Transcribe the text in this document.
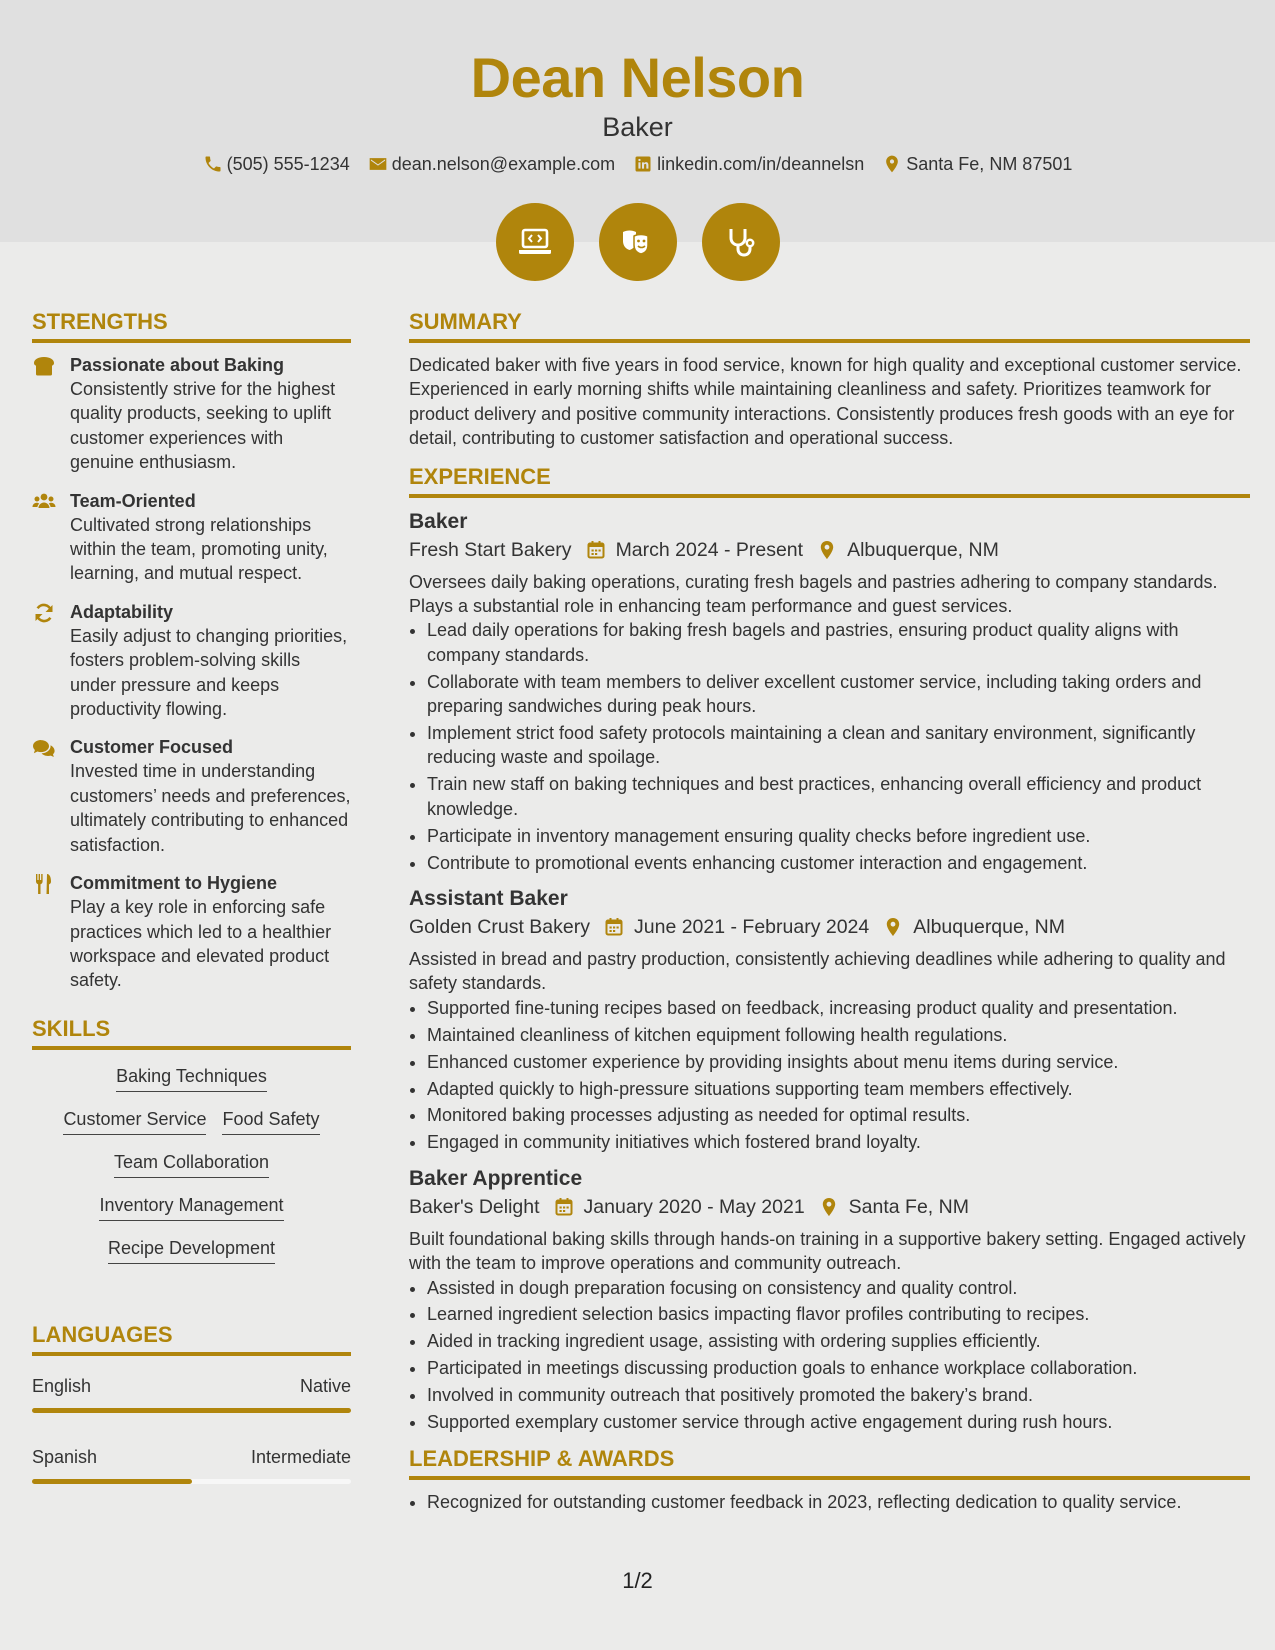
Dean Nelson
Baker
(505) 555-1234 dean.nelson@example.com linkedin.com/in/deannelsn Santa Fe, NM 87501
STRENGTHS
Passionate about Baking
Consistently strive for the highest quality products, seeking to uplift customer experiences with genuine enthusiasm.
Team-Oriented
Cultivated strong relationships within the team, promoting unity, learning, and mutual respect.
Adaptability
Easily adjust to changing priorities, fosters problem-solving skills under pressure and keeps productivity flowing.
Customer Focused
Invested time in understanding customers’ needs and preferences, ultimately contributing to enhanced satisfaction.
Commitment to Hygiene
Play a key role in enforcing safe practices which led to a healthier workspace and elevated product safety.
SKILLS
Baking Techniques
Customer Service Food Safety
Team Collaboration
Inventory Management
Recipe Development
LANGUAGES
English	Native
Spanish	Intermediate
SUMMARY
Dedicated baker with five years in food service, known for high quality and exceptional customer service. Experienced in early morning shifts while maintaining cleanliness and safety. Prioritizes teamwork for product delivery and positive community interactions. Consistently produces fresh goods with an eye for detail, contributing to customer satisfaction and operational success.
EXPERIENCE
Baker
Fresh Start Bakery March 2024 - Present Albuquerque, NM
Oversees daily baking operations, curating fresh bagels and pastries adhering to company standards. Plays a substantial role in enhancing team performance and guest services.
• Lead daily operations for baking fresh bagels and pastries, ensuring product quality aligns with company standards.
• Collaborate with team members to deliver excellent customer service, including taking orders and preparing sandwiches during peak hours.
• Implement strict food safety protocols maintaining a clean and sanitary environment, significantly reducing waste and spoilage.
• Train new staff on baking techniques and best practices, enhancing overall efficiency and product knowledge.
• Participate in inventory management ensuring quality checks before ingredient use.
• Contribute to promotional events enhancing customer interaction and engagement.
Assistant Baker
Golden Crust Bakery June 2021 - February 2024 Albuquerque, NM
Assisted in bread and pastry production, consistently achieving deadlines while adhering to quality and safety standards.
• Supported fine-tuning recipes based on feedback, increasing product quality and presentation.
• Maintained cleanliness of kitchen equipment following health regulations.
• Enhanced customer experience by providing insights about menu items during service.
• Adapted quickly to high-pressure situations supporting team members effectively.
• Monitored baking processes adjusting as needed for optimal results.
• Engaged in community initiatives which fostered brand loyalty.
Baker Apprentice
Baker's Delight January 2020 - May 2021 Santa Fe, NM
Built foundational baking skills through hands-on training in a supportive bakery setting. Engaged actively with the team to improve operations and community outreach.
• Assisted in dough preparation focusing on consistency and quality control.
• Learned ingredient selection basics impacting flavor profiles contributing to recipes.
• Aided in tracking ingredient usage, assisting with ordering supplies efficiently.
• Participated in meetings discussing production goals to enhance workplace collaboration.
• Involved in community outreach that positively promoted the bakery’s brand.
• Supported exemplary customer service through active engagement during rush hours.
LEADERSHIP & AWARDS
• Recognized for outstanding customer feedback in 2023, reflecting dedication to quality service.
1/2
